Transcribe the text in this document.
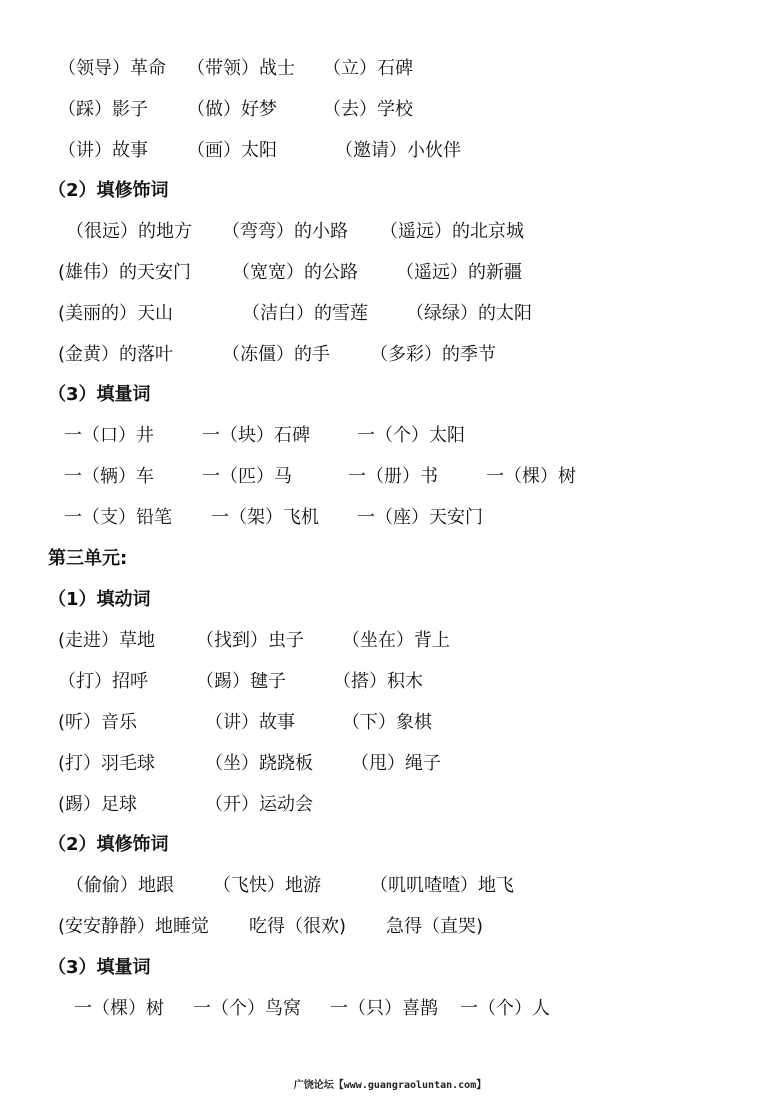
（领导）革命 （带领）战士 （立）石碑
（踩）影子 （做）好梦	（去）学校
（讲）故事 （画）太阳	（邀请）小伙伴
（2）填修饰词
（很远）的地方 （弯弯）的小路 （遥远）的北京城
(雄伟）的天安门 （宽宽）的公路 （遥远）的新疆
(美丽的）天山	（洁白）的雪莲 （绿绿）的太阳
(金黄）的落叶	（冻僵）的手 （多彩）的季节
（3）填量词
一（口）井	一（块）石碑	一（个）太阳
一（辆）车	一（匹）马	一（册）书	一（棵）树
一（支）铅笔 一（架）飞机 一（座）天安门
第三单元:
（1）填动词
(走进）草地 （找到）虫子 （坐在）背上
（打）招呼	（踢）毽子	（搭）积木
(听）音乐	（讲）故事	（下）象棋
(打）羽毛球	（坐）跷跷板 （甩）绳子
(踢）足球	（开）运动会
（2）填修饰词
（偷偷）地跟 （飞快）地游	（叽叽喳喳）地飞
(安安静静）地睡觉 吃得（很欢) 急得（直哭)
（3）填量词
一（棵）树 一（个）鸟窝 一（只）喜鹊 一（个）人
广饶论坛【www.guangraoluntan.com】
